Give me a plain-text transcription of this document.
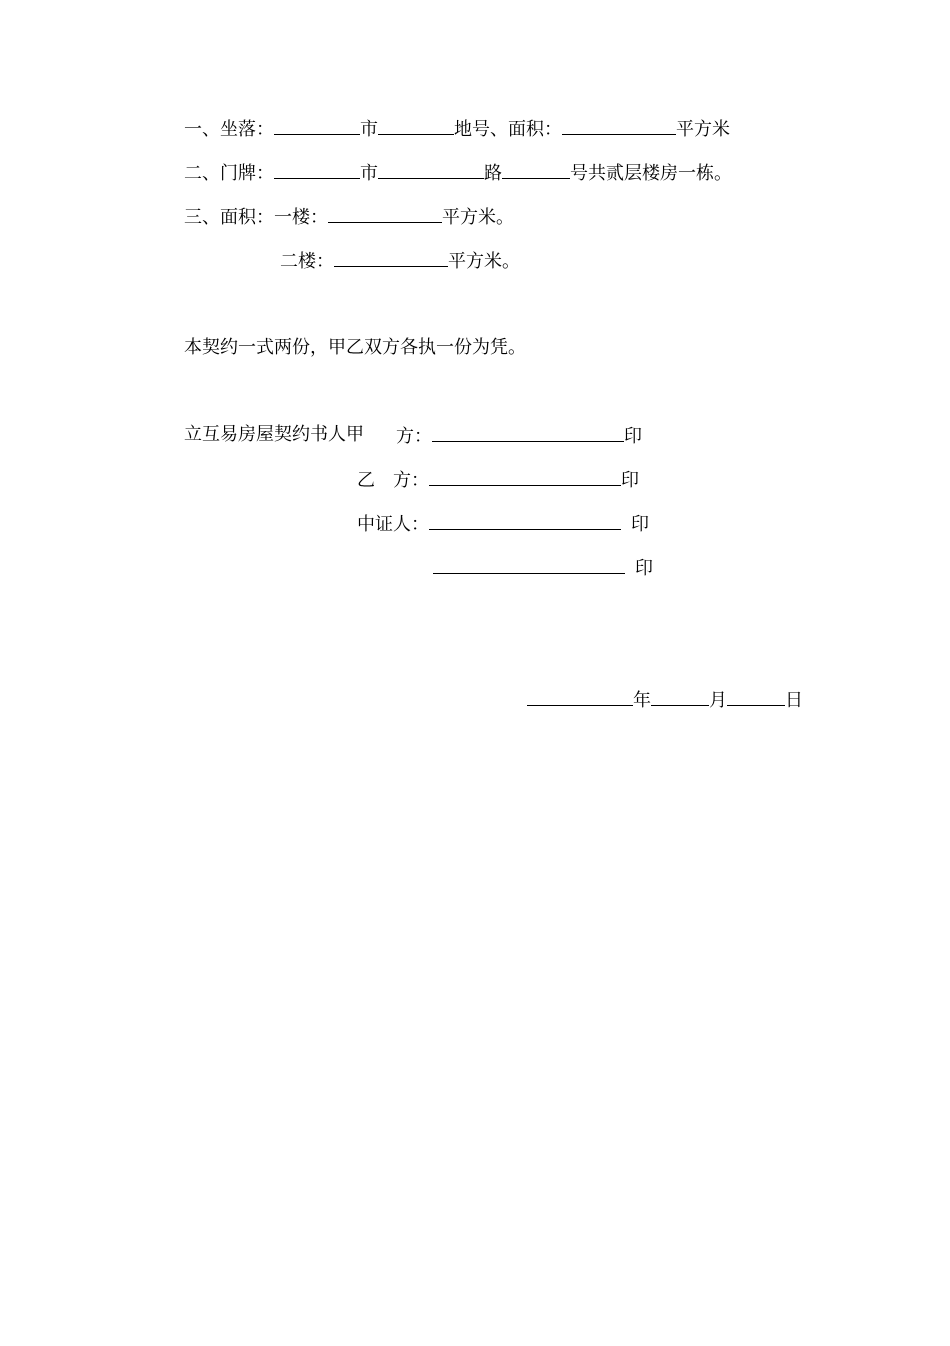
一、坐落：	市	地号、面积：	平方米
二、门牌：	市	路	号共贰层楼房一栋。
三、面积：一楼：	平方米。
二楼：	平方米。
本契约一式两份，甲乙双方各执一份为凭。
立互易房屋契约书人甲 方：	印
乙　方：	印
中证人：	印
印
年	月	日
